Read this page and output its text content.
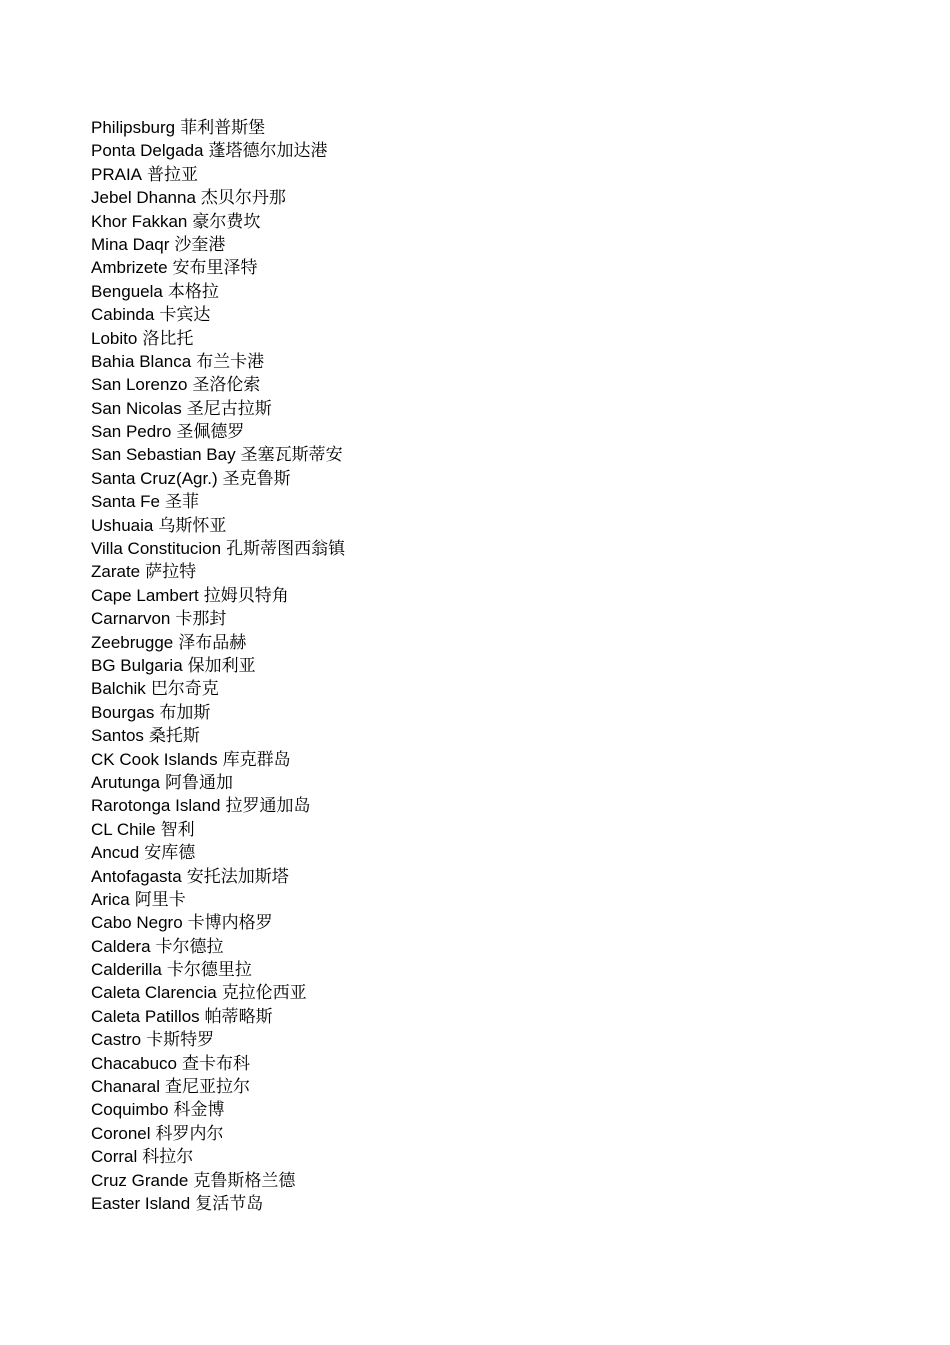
Philipsburg 菲利普斯堡
Ponta Delgada 蓬塔德尔加达港
PRAIA 普拉亚
Jebel Dhanna 杰贝尔丹那
Khor Fakkan 豪尔费坎
Mina Daqr 沙奎港
Ambrizete 安布里泽特
Benguela 本格拉
Cabinda 卡宾达
Lobito 洛比托
Bahia Blanca 布兰卡港
San Lorenzo 圣洛伦索
San Nicolas 圣尼古拉斯
San Pedro 圣佩德罗
San Sebastian Bay 圣塞瓦斯蒂安
Santa Cruz(Agr.) 圣克鲁斯
Santa Fe 圣菲
Ushuaia 乌斯怀亚
Villa Constitucion 孔斯蒂图西翁镇
Zarate 萨拉特
Cape Lambert 拉姆贝特角
Carnarvon 卡那封
Zeebrugge 泽布品赫
BG Bulgaria 保加利亚
Balchik 巴尔奇克
Bourgas 布加斯
Santos 桑托斯
CK Cook Islands 库克群岛
Arutunga 阿鲁通加
Rarotonga Island 拉罗通加岛
CL Chile 智利
Ancud 安库德
Antofagasta 安托法加斯塔
Arica 阿里卡
Cabo Negro 卡博内格罗
Caldera 卡尔德拉
Calderilla 卡尔德里拉
Caleta Clarencia 克拉伦西亚
Caleta Patillos 帕蒂略斯
Castro 卡斯特罗
Chacabuco 查卡布科
Chanaral 查尼亚拉尔
Coquimbo 科金博
Coronel 科罗内尔
Corral 科拉尔
Cruz Grande 克鲁斯格兰德
Easter Island 复活节岛
